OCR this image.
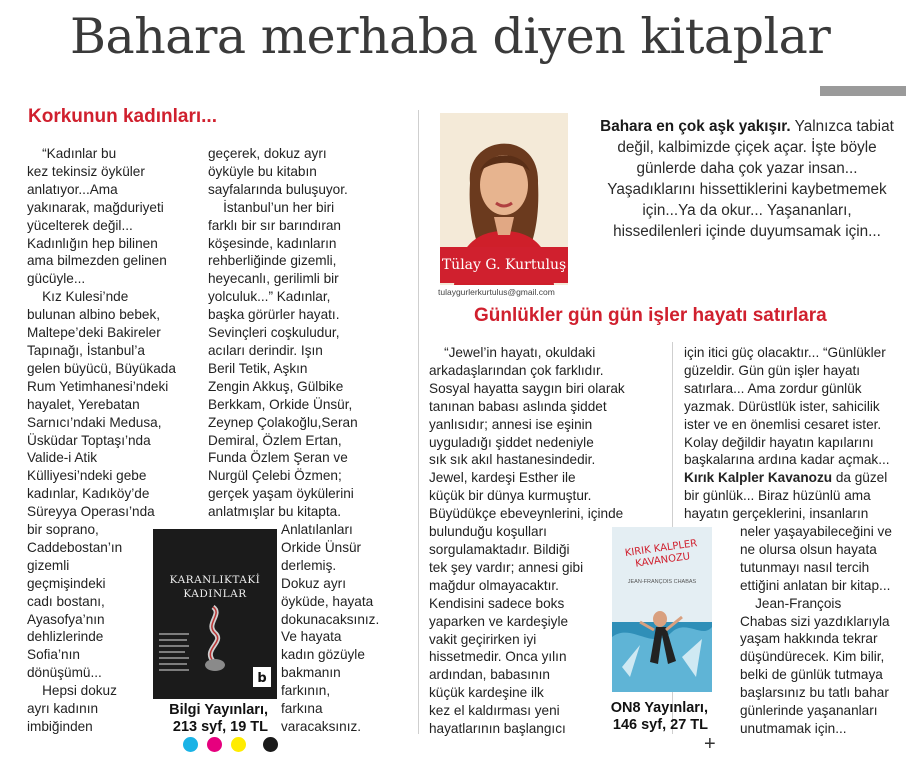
Bahara merhaba diyen kitaplar
Korkunun kadınları...
“Kadınlar bu
kez tekinsiz öyküler
anlatıyor...Ama
yakınarak, mağduriyeti
yücelterek değil...
Kadınlığın hep bilinen
ama bilmezden gelinen
gücüyle...
Kız Kulesi’nde
bulunan albino bebek,
Maltepe’deki Bakireler
Tapınağı, İstanbul’a
gelen büyücü, Büyükada
Rum Yetimhanesi’ndeki
hayalet, Yerebatan
Sarnıcı’ndaki Medusa,
Üsküdar Toptaşı’nda
Valide-i Atik
Külliyesi’ndeki gebe
kadınlar, Kadıköy’de
Süreyya Operası’nda
bir soprano,
Caddebostan’ın
gizemli
geçmişindeki
cadı bostanı,
Ayasofya’nın
dehlizlerinde
Sofia’nın
dönüşümü...
Hepsi dokuz
ayrı kadının
imbiğinden
geçerek, dokuz ayrı
öyküyle bu kitabın
sayfalarında buluşuyor.
İstanbul’un her biri
farklı bir sır barındıran
köşesinde, kadınların
rehberliğinde gizemli,
heyecanlı, gerilimli bir
yolculuk...” Kadınlar,
başka görürler hayatı.
Sevinçleri coşkuludur,
acıları derindir. Işın
Beril Tetik, Aşkın
Zengin Akkuş, Gülbike
Berkkam, Orkide Ünsür,
Zeynep Çolakoğlu,Seran
Demiral, Özlem Ertan,
Funda Özlem Şeran ve
Nurgül Çelebi Özmen;
gerçek yaşam öykülerini
anlatmışlar bu kitapta.
Anlatılanları
Orkide Ünsür
derlemiş.
Dokuz ayrı
öyküde, hayata
dokunacaksınız.
Ve hayata
kadın gözüyle
bakmanın
farkının,
farkına
varacaksınız.
b
KARANLIKTAKİ KADINLAR
Bilgi Yayınları,
213 syf, 19 TL
Tülay G. Kurtuluş
tulaygurlerkurtulus@gmail.com
Bahara en çok aşk yakışır. Yalnızca tabiat değil, kalbimizde çiçek açar. İşte böyle günlerde daha çok yazar insan... Yaşadıklarını hissettiklerini kaybetmemek için...Ya da okur... Yaşananları, hissedilenleri içinde duyumsamak için...
Günlükler gün gün işler hayatı satırlara
“Jewel’in hayatı, okuldaki
arkadaşlarından çok farklıdır.
Sosyal hayatta saygın biri olarak
tanınan babası aslında şiddet
yanlısıdır; annesi ise eşinin
uyguladığı şiddet nedeniyle
sık sık akıl hastanesindedir.
Jewel, kardeşi Esther ile
küçük bir dünya kurmuştur.
Büyüdükçe ebeveynlerini, içinde
bulunduğu koşulları
sorgulamaktadır. Bildiği
tek şey vardır; annesi gibi
mağdur olmayacaktır.
Kendisini sadece boks
yaparken ve kardeşiyle
vakit geçirirken iyi
hissetmedir. Onca yılın
ardından, babasının
küçük kardeşine ilk
kez el kaldırması yeni
hayatlarının başlangıcı
için itici güç olacaktır... “Günlükler
güzeldir. Gün gün işler hayatı
satırlara... Ama zordur günlük
yazmak. Dürüstlük ister, sahicilik
ister ve en önemlisi cesaret ister.
Kolay değildir hayatın kapılarını
başkalarına ardına kadar açmak...
Kırık Kalpler Kavanozu da güzel
bir günlük... Biraz hüzünlü ama
hayatın gerçeklerini, insanların
neler yaşayabileceğini ve
ne olursa olsun hayata
tutunmayı nasıl tercih
ettiğini anlatan bir kitap...
Jean-François
Chabas sizi yazdıklarıyla
yaşam hakkında tekrar
düşündürecek. Kim bilir,
belki de günlük tutmaya
başlarsınız bu tatlı bahar
günlerinde yaşananları
unutmamak için...
KIRIK KALPLER KAVANOZU
JEAN-FRANÇOIS CHABAS
ON8 Yayınları,
146 syf, 27 TL
+
